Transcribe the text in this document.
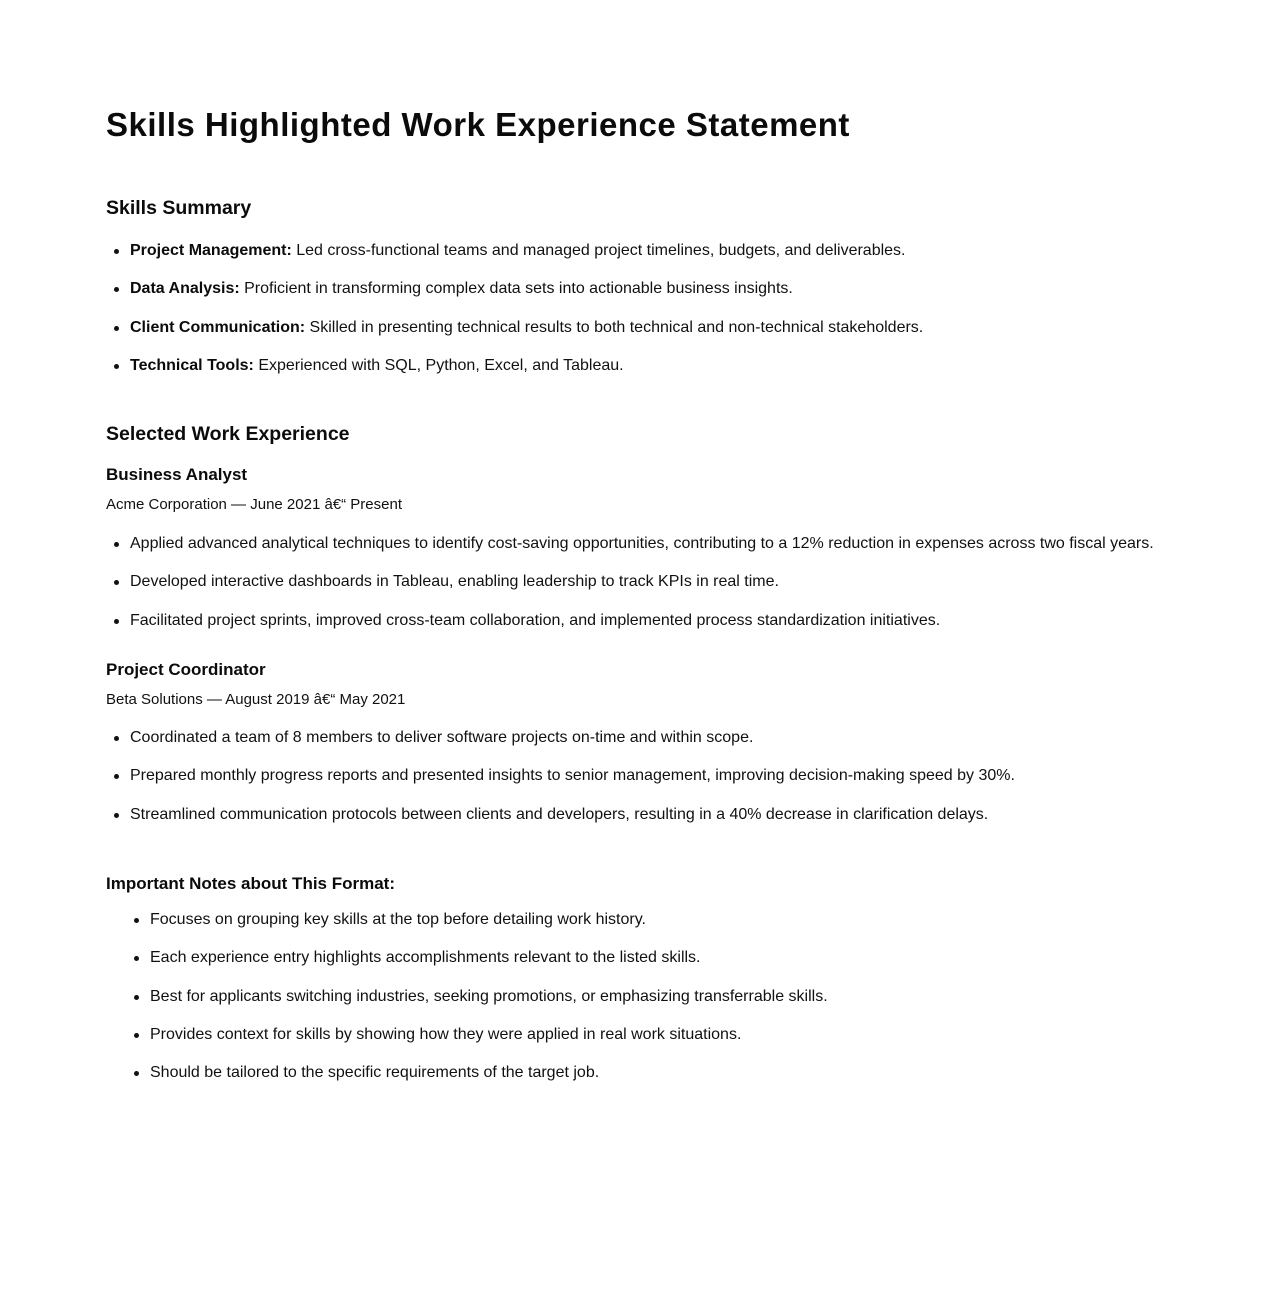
Skills Highlighted Work Experience Statement
Skills Summary
Project Management: Led cross-functional teams and managed project timelines, budgets, and deliverables.
Data Analysis: Proficient in transforming complex data sets into actionable business insights.
Client Communication: Skilled in presenting technical results to both technical and non-technical stakeholders.
Technical Tools: Experienced with SQL, Python, Excel, and Tableau.
Selected Work Experience
Business Analyst

Acme Corporation — June 2021 â€“ Present

Applied advanced analytical techniques to identify cost-saving opportunities, contributing to a 12% reduction in expenses across two fiscal years.
Developed interactive dashboards in Tableau, enabling leadership to track KPIs in real time.
Facilitated project sprints, improved cross-team collaboration, and implemented process standardization initiatives.
Project Coordinator

Beta Solutions — August 2019 â€“ May 2021

Coordinated a team of 8 members to deliver software projects on-time and within scope.
Prepared monthly progress reports and presented insights to senior management, improving decision-making speed by 30%.
Streamlined communication protocols between clients and developers, resulting in a 40% decrease in clarification delays.

Important Notes about This Format:

Focuses on grouping key skills at the top before detailing work history.
Each experience entry highlights accomplishments relevant to the listed skills.
Best for applicants switching industries, seeking promotions, or emphasizing transferrable skills.
Provides context for skills by showing how they were applied in real work situations.
Should be tailored to the specific requirements of the target job.
